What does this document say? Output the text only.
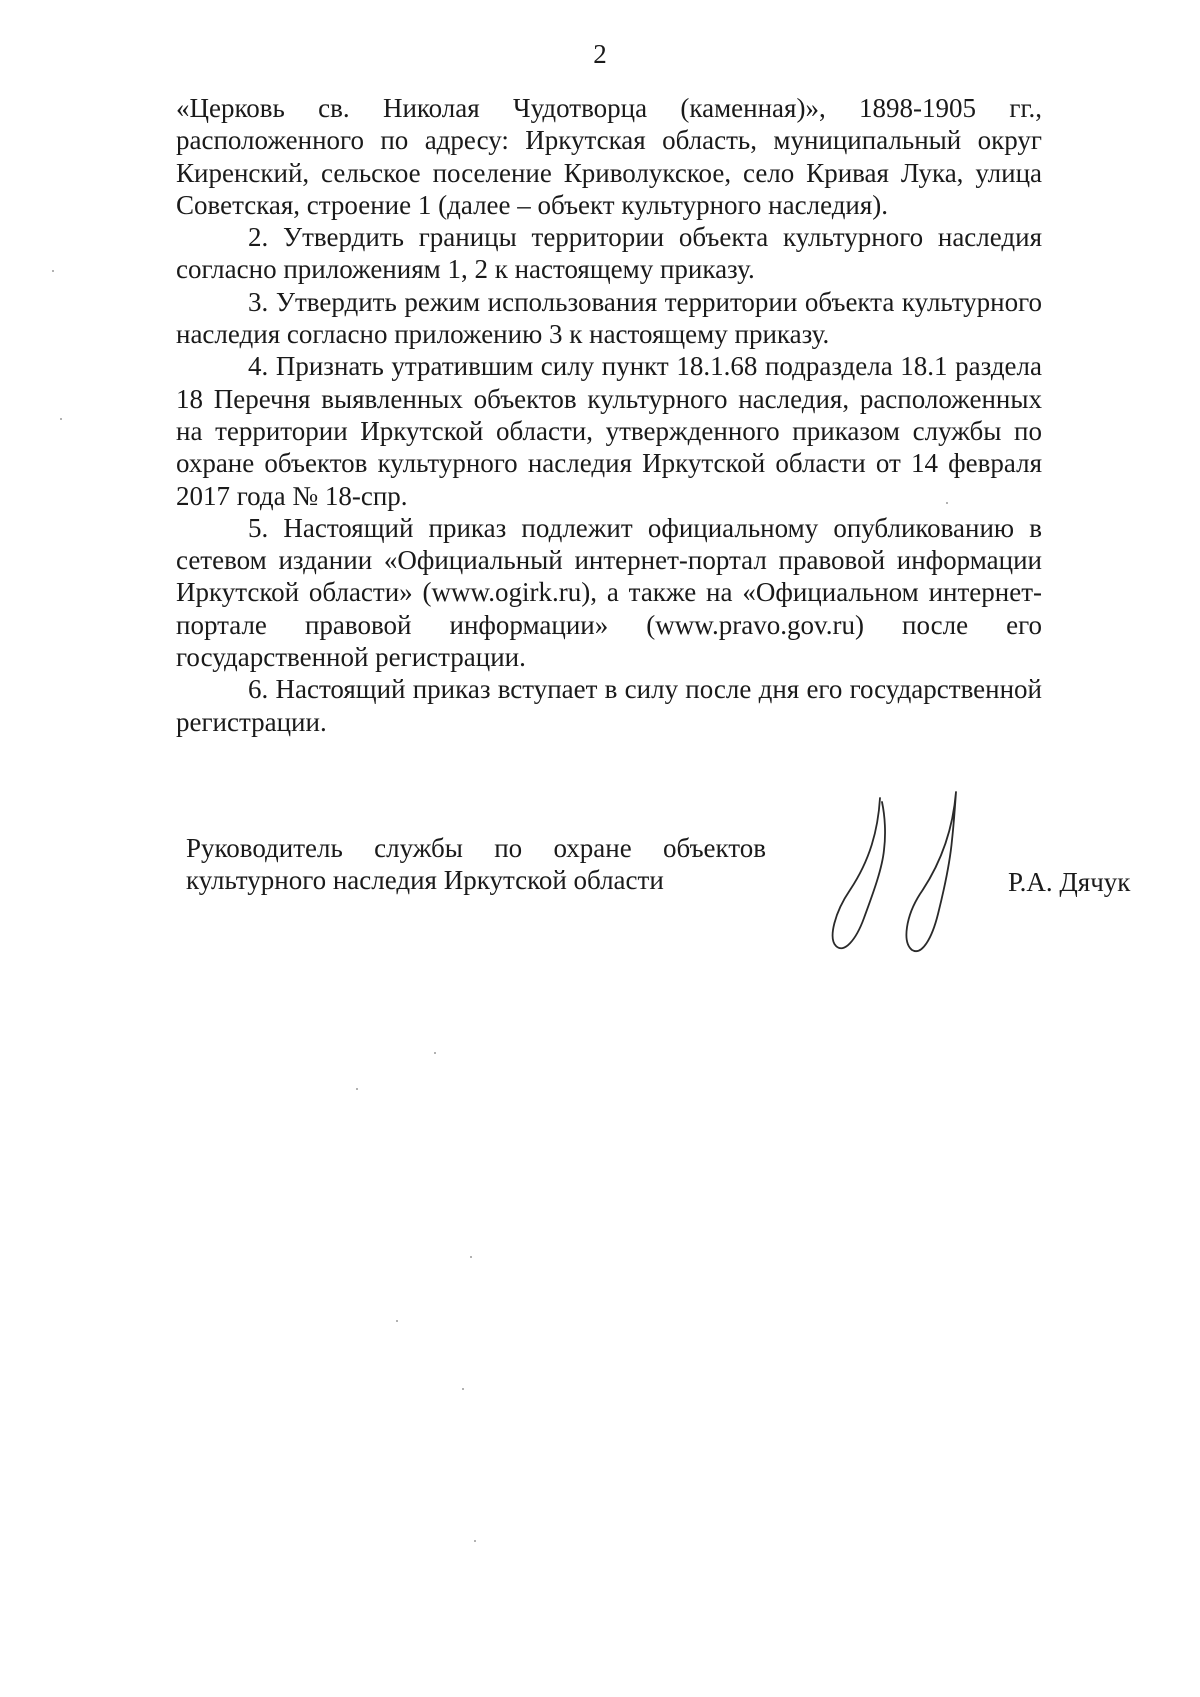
2

«Церковь св. Николая Чудотворца (каменная)», 1898-1905 гг., расположенного по адресу: Иркутская область, муниципальный округ Киренский, сельское поселение Криволукское, село Кривая Лука, улица Советская, строение 1 (далее – объект культурного наследия).

2. Утвердить границы территории объекта культурного наследия согласно приложениям 1, 2 к настоящему приказу.

3. Утвердить режим использования территории объекта культурного наследия согласно приложению 3 к настоящему приказу.

4. Признать утратившим силу пункт 18.1.68 подраздела 18.1 раздела 18 Перечня выявленных объектов культурного наследия, расположенных на территории Иркутской области, утвержденного приказом службы по охране объектов культурного наследия Иркутской области от 14 февраля 2017 года № 18-спр.

5. Настоящий приказ подлежит официальному опубликованию в сетевом издании «Официальный интернет-портал правовой информации Иркутской области» (www.ogirk.ru), а также на «Официальном интернет-портале правовой информации» (www.pravo.gov.ru) после его государственной регистрации.

6. Настоящий приказ вступает в силу после дня его государственной регистрации.

Руководитель службы по охране объектов
культурного наследия Иркутской области	Р.А. Дячук
